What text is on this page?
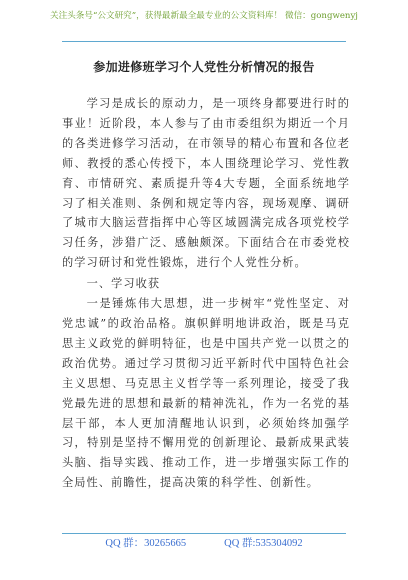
关注头条号“公文研究”，获得最新最全最专业的公文资料库！ 微信：gongwenyj
参加进修班学习个人党性分析情况的报告

学习是成长的原动力，是一项终身都要进行时的事业！近阶段，本人参与了由市委组织为期近一个月的各类进修学习活动，在市领导的精心布置和各位老师、教授的悉心传授下，本人围绕理论学习、党性教育、市情研究、素质提升等4大专题，全面系统地学习了相关准则、条例和规定等内容，现场观摩、调研了城市大脑运营指挥中心等区域圆满完成各项党校学习任务，涉猎广泛、感触颇深。下面结合在市委党校的学习研讨和党性锻炼，进行个人党性分析。

一、学习收获

一是锤炼伟大思想，进一步树牢“党性坚定、对党忠诚”的政治品格。旗帜鲜明地讲政治，既是马克思主义政党的鲜明特征，也是中国共产党一以贯之的政治优势。通过学习贯彻习近平新时代中国特色社会主义思想、马克思主义哲学等一系列理论，接受了我党最先进的思想和最新的精神洗礼，作为一名党的基层干部，本人更加清醒地认识到，必须始终加强学习，特别是坚持不懈用党的创新理论、最新成果武装头脑、指导实践、推动工作，进一步增强实际工作的全局性、前瞻性，提高决策的科学性、创新性。

QQ 群：30265665	QQ 群:535304092
